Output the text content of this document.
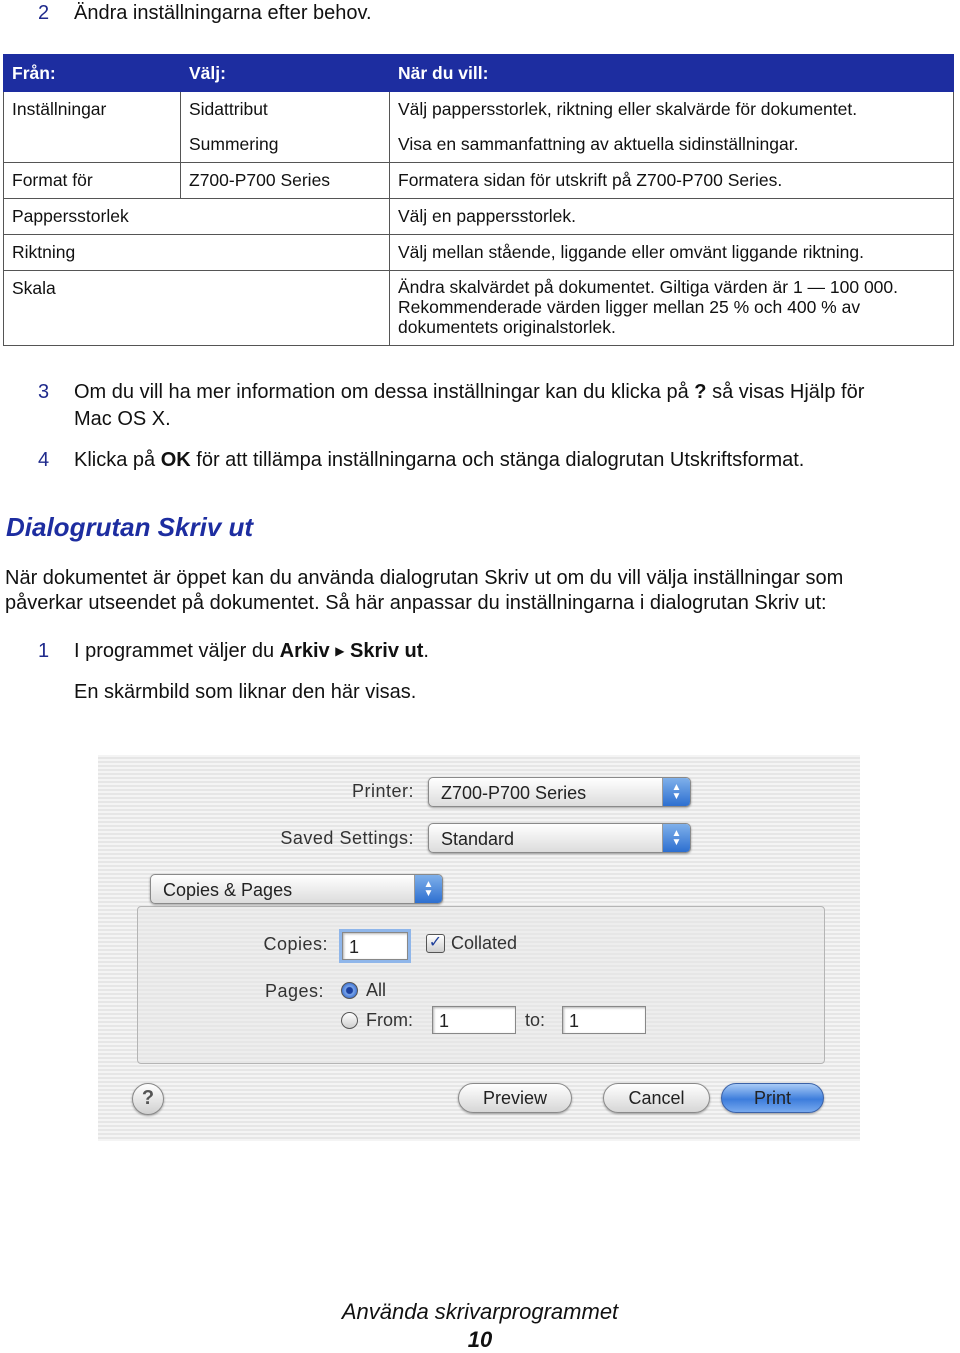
2 Ändra inställningarna efter behov.
Från:	Välj:	När du vill:
Inställningar	Sidattribut	Välj pappersstorlek, riktning eller skalvärde för dokumentet.
	Summering	Visa en sammanfattning av aktuella sidinställningar.
Format för	Z700-P700 Series	Formatera sidan för utskrift på Z700-P700 Series.
Pappersstorlek		Välj en pappersstorlek.
Riktning		Välj mellan stående, liggande eller omvänt liggande riktning.
Skala		Ändra skalvärdet på dokumentet. Giltiga värden är 1 — 100 000.
Rekommenderade värden ligger mellan 25 % och 400 % av
dokumentets originalstorlek.
3 Om du vill ha mer information om dessa inställningar kan du klicka på ? så visas Hjälp för
Mac OS X.
4 Klicka på OK för att tillämpa inställningarna och stänga dialogrutan Utskriftsformat.
Dialogrutan Skriv ut
När dokumentet är öppet kan du använda dialogrutan Skriv ut om du vill välja inställningar som
påverkar utseendet på dokumentet. Så här anpassar du inställningarna i dialogrutan Skriv ut:
1 I programmet väljer du Arkiv ▶ Skriv ut.
En skärmbild som liknar den här visas.
Printer:	Z700-P700 Series	▲
▼
Saved Settings:	Standard	▲
▼
Copies & Pages	▲
▼
Copies:	1	✓ Collated
Pages: All
From:	1	to:	1
?	Preview	Cancel	Print
Använda skrivarprogrammet
10
